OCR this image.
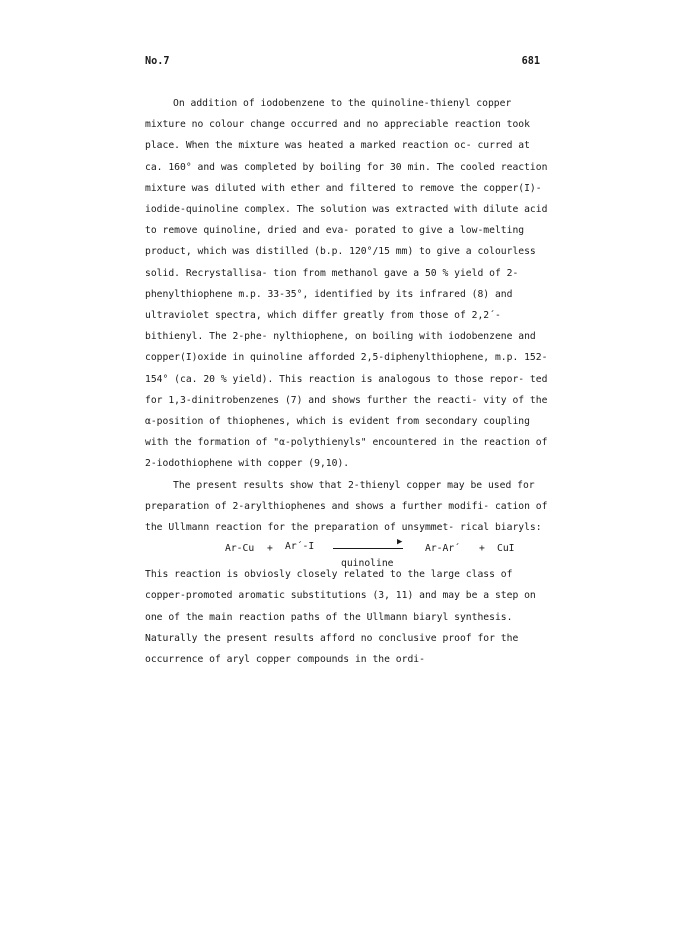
No.7	681

On addition of iodobenzene to the quinoline-thienyl copper mixture no colour change occurred and no appreciable reaction took place. When the mixture was heated a marked reaction oc- curred at ca. 160° and was completed by boiling for 30 min. The cooled reaction mixture was diluted with ether and filtered to remove the copper(I)-iodide-quinoline complex. The solution was extracted with dilute acid to remove quinoline, dried and eva- porated to give a low-melting product, which was distilled (b.p. 120°/15 mm) to give a colourless solid. Recrystallisa- tion from methanol gave a 50 % yield of 2-phenylthiophene m.p. 33-35°, identified by its infrared (8) and ultraviolet spectra, which differ greatly from those of 2,2´-bithienyl. The 2-phe- nylthiophene, on boiling with iodobenzene and copper(I)oxide in quinoline afforded 2,5-diphenylthiophene, m.p. 152-154° (ca. 20 % yield). This reaction is analogous to those repor- ted for 1,3-dinitrobenzenes (7) and shows further the reacti- vity of the α-position of thiophenes, which is evident from secondary coupling with the formation of "α-polythienyls" encountered in the reaction of 2-iodothiophene with copper (9,10).

The present results show that 2-thienyl copper may be used for preparation of 2-arylthiophenes and shows a further modifi- cation of the Ullmann reaction for the preparation of unsymmet- rical biaryls:

Ar-Cu + Ar´-I	▶
quinoline
Ar-Ar´ + CuI

This reaction is obviosly closely related to the large class of copper-promoted aromatic substitutions (3, 11) and may be a step on one of the main reaction paths of the Ullmann biaryl synthesis. Naturally the present results afford no conclusive proof for the occurrence of aryl copper compounds in the ordi-
